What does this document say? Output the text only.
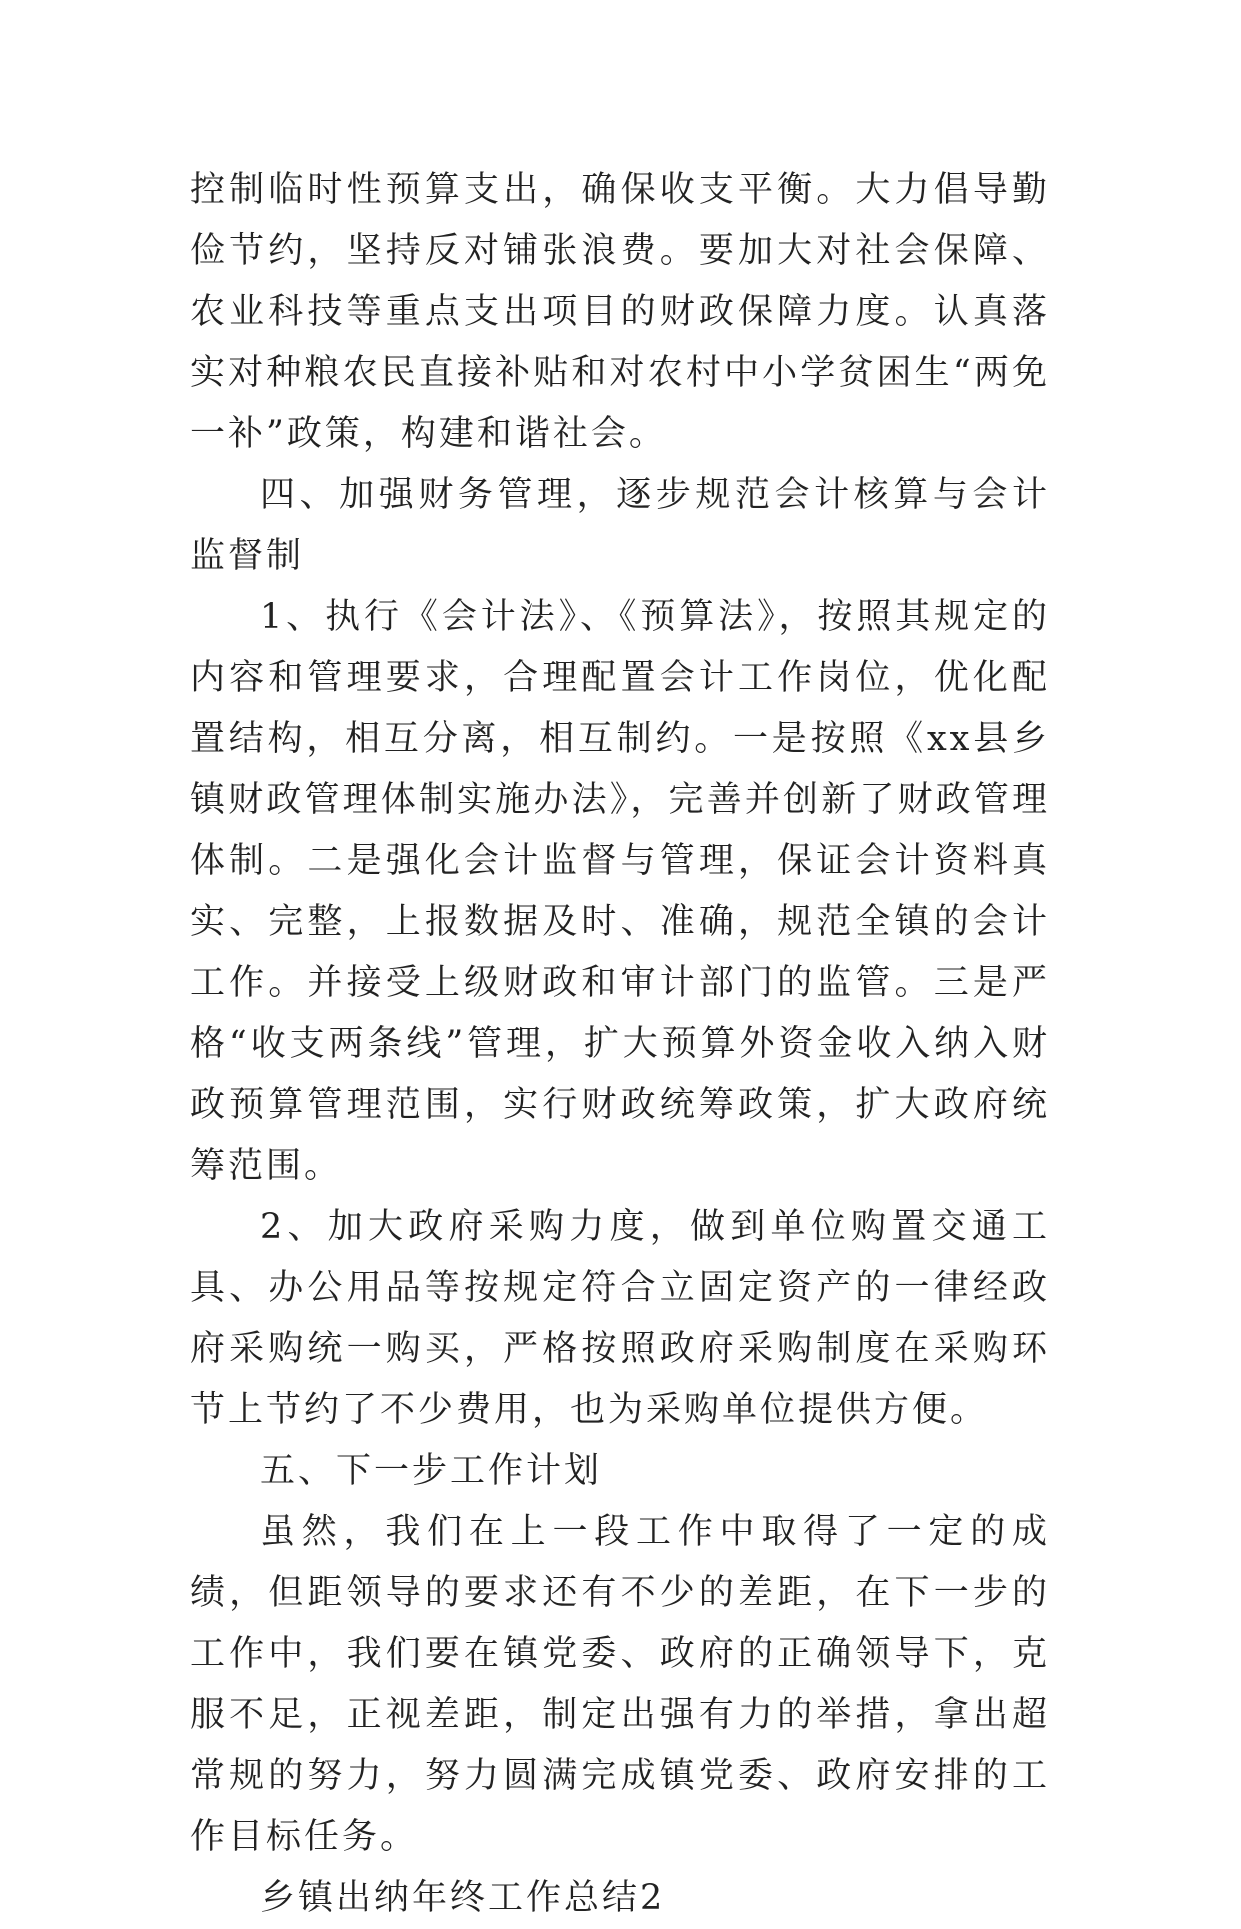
控制临时性预算支出，确保收支平衡。大力倡导勤俭节约，坚持反对铺张浪费。要加大对社会保障、农业科技等重点支出项目的财政保障力度。认真落实对种粮农民直接补贴和对农村中小学贫困生“两免一补”政策，构建和谐社会。

四、加强财务管理，逐步规范会计核算与会计监督制

1、执行《会计法》、《预算法》，按照其规定的内容和管理要求，合理配置会计工作岗位，优化配置结构，相互分离，相互制约。一是按照《xx县乡镇财政管理体制实施办法》，完善并创新了财政管理体制。二是强化会计监督与管理，保证会计资料真实、完整，上报数据及时、准确，规范全镇的会计工作。并接受上级财政和审计部门的监管。三是严格“收支两条线”管理，扩大预算外资金收入纳入财政预算管理范围，实行财政统筹政策，扩大政府统筹范围。

2、加大政府采购力度，做到单位购置交通工具、办公用品等按规定符合立固定资产的一律经政府采购统一购买，严格按照政府采购制度在采购环节上节约了不少费用，也为采购单位提供方便。

五、下一步工作计划

虽然，我们在上一段工作中取得了一定的成绩，但距领导的要求还有不少的差距，在下一步的工作中，我们要在镇党委、政府的正确领导下，克服不足，正视差距，制定出强有力的举措，拿出超常规的努力，努力圆满完成镇党委、政府安排的工作目标任务。

乡镇出纳年终工作总结2
